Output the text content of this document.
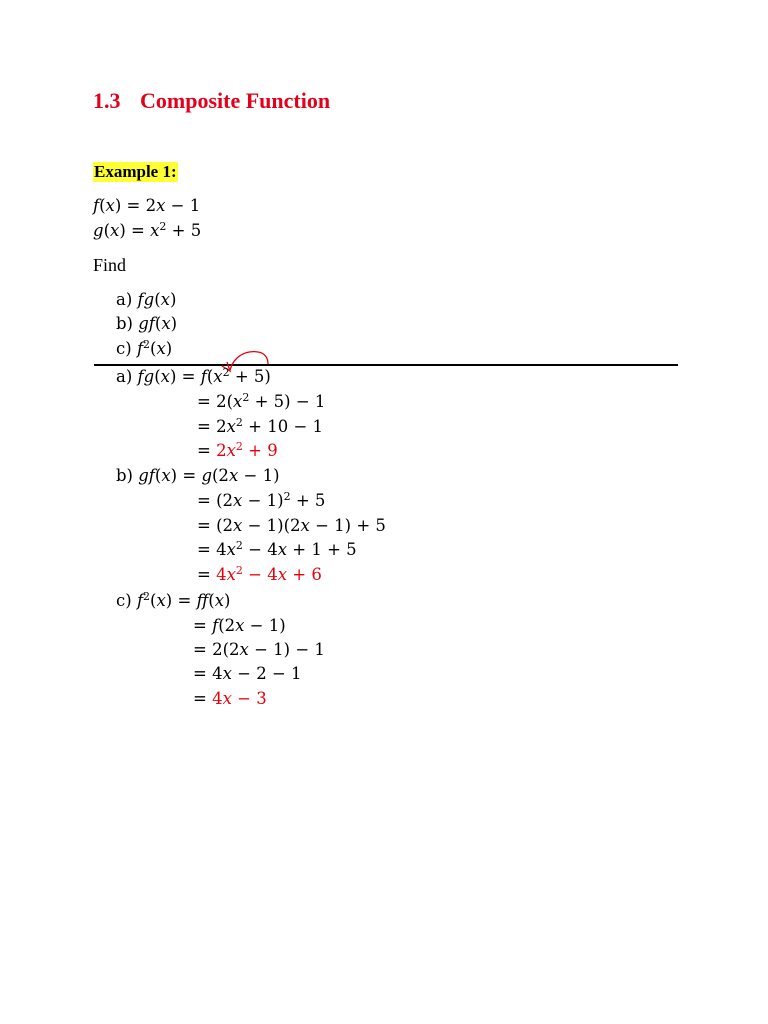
1.3 Composite Function
Example 1:
f(x) = 2x − 1
$g(x) = x^2 + 5$
Find
a) fg(x)
b) gf(x)
c) $f^2(x)$
a) $fg(x) = f(x^2 + 5)$
= $2(x^2 + 5) - 1$
= $2x^2 + 10 - 1$
= $2x^2 + 9$
b) gf(x) = g(2x − 1)
= $(2x - 1)^2 + 5$
= (2x − 1)(2x − 1) + 5
= $4x^2 - 4x + 1 + 5$
= $4x^2 - 4x + 6$
c) $f^2(x) = ff(x)$
= f(2x − 1)
= 2(2x − 1) − 1
= 4x − 2 − 1
= 4x − 3
